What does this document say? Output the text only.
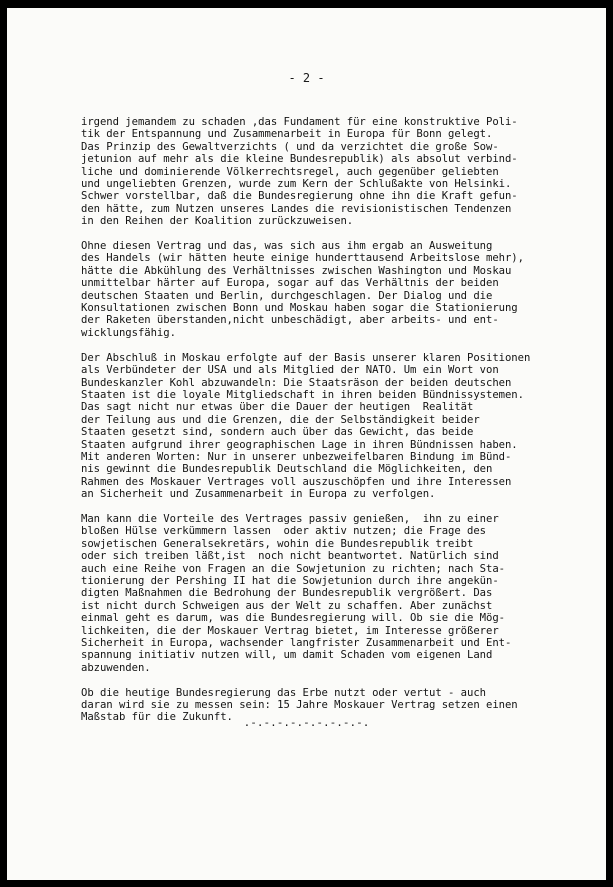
- 2 -

irgend jemandem zu schaden ,das Fundament für eine konstruktive Poli-
tik der Entspannung und Zusammenarbeit in Europa für Bonn gelegt.
Das Prinzip des Gewaltverzichts ( und da verzichtet die große Sow-
jetunion auf mehr als die kleine Bundesrepublik) als absolut verbind-
liche und dominierende Völkerrechtsregel, auch gegenüber geliebten
und ungeliebten Grenzen, wurde zum Kern der Schlußakte von Helsinki.
Schwer vorstellbar, daß die Bundesregierung ohne ihn die Kraft gefun-
den hätte, zum Nutzen unseres Landes die revisionistischen Tendenzen
in den Reihen der Koalition zurückzuweisen.

Ohne diesen Vertrag und das, was sich aus ihm ergab an Ausweitung
des Handels (wir hätten heute einige hunderttausend Arbeitslose mehr),
hätte die Abkühlung des Verhältnisses zwischen Washington und Moskau
unmittelbar härter auf Europa, sogar auf das Verhältnis der beiden
deutschen Staaten und Berlin, durchgeschlagen. Der Dialog und die
Konsultationen zwischen Bonn und Moskau haben sogar die Stationierung
der Raketen überstanden,nicht unbeschädigt, aber arbeits- und ent-
wicklungsfähig.

Der Abschluß in Moskau erfolgte auf der Basis unserer klaren Positionen
als Verbündeter der USA und als Mitglied der NATO. Um ein Wort von
Bundeskanzler Kohl abzuwandeln: Die Staatsräson der beiden deutschen
Staaten ist die loyale Mitgliedschaft in ihren beiden Bündnissystemen.
Das sagt nicht nur etwas über die Dauer der heutigen  Realität
der Teilung aus und die Grenzen, die der Selbständigkeit beider
Staaten gesetzt sind, sondern auch über das Gewicht, das beide
Staaten aufgrund ihrer geographischen Lage in ihren Bündnissen haben.
Mit anderen Worten: Nur in unserer unbezweifelbaren Bindung im Bünd-
nis gewinnt die Bundesrepublik Deutschland die Möglichkeiten, den
Rahmen des Moskauer Vertrages voll auszuschöpfen und ihre Interessen
an Sicherheit und Zusammenarbeit in Europa zu verfolgen.

Man kann die Vorteile des Vertrages passiv genießen,  ihn zu einer
bloßen Hülse verkümmern lassen  oder aktiv nutzen; die Frage des
sowjetischen Generalsekretärs, wohin die Bundesrepublik treibt
oder sich treiben läßt,ist  noch nicht beantwortet. Natürlich sind
auch eine Reihe von Fragen an die Sowjetunion zu richten; nach Sta-
tionierung der Pershing II hat die Sowjetunion durch ihre angekün-
digten Maßnahmen die Bedrohung der Bundesrepublik vergrößert. Das
ist nicht durch Schweigen aus der Welt zu schaffen. Aber zunächst
einmal geht es darum, was die Bundesregierung will. Ob sie die Mög-
lichkeiten, die der Moskauer Vertrag bietet, im Interesse größerer
Sicherheit in Europa, wachsender langfrister Zusammenarbeit und Ent-
spannung initiativ nutzen will, um damit Schaden vom eigenen Land
abzuwenden.

Ob die heutige Bundesregierung das Erbe nutzt oder vertut - auch
daran wird sie zu messen sein: 15 Jahre Moskauer Vertrag setzen einen
Maßstab für die Zukunft. .-.-.-.-.-.-.-.-.-.
